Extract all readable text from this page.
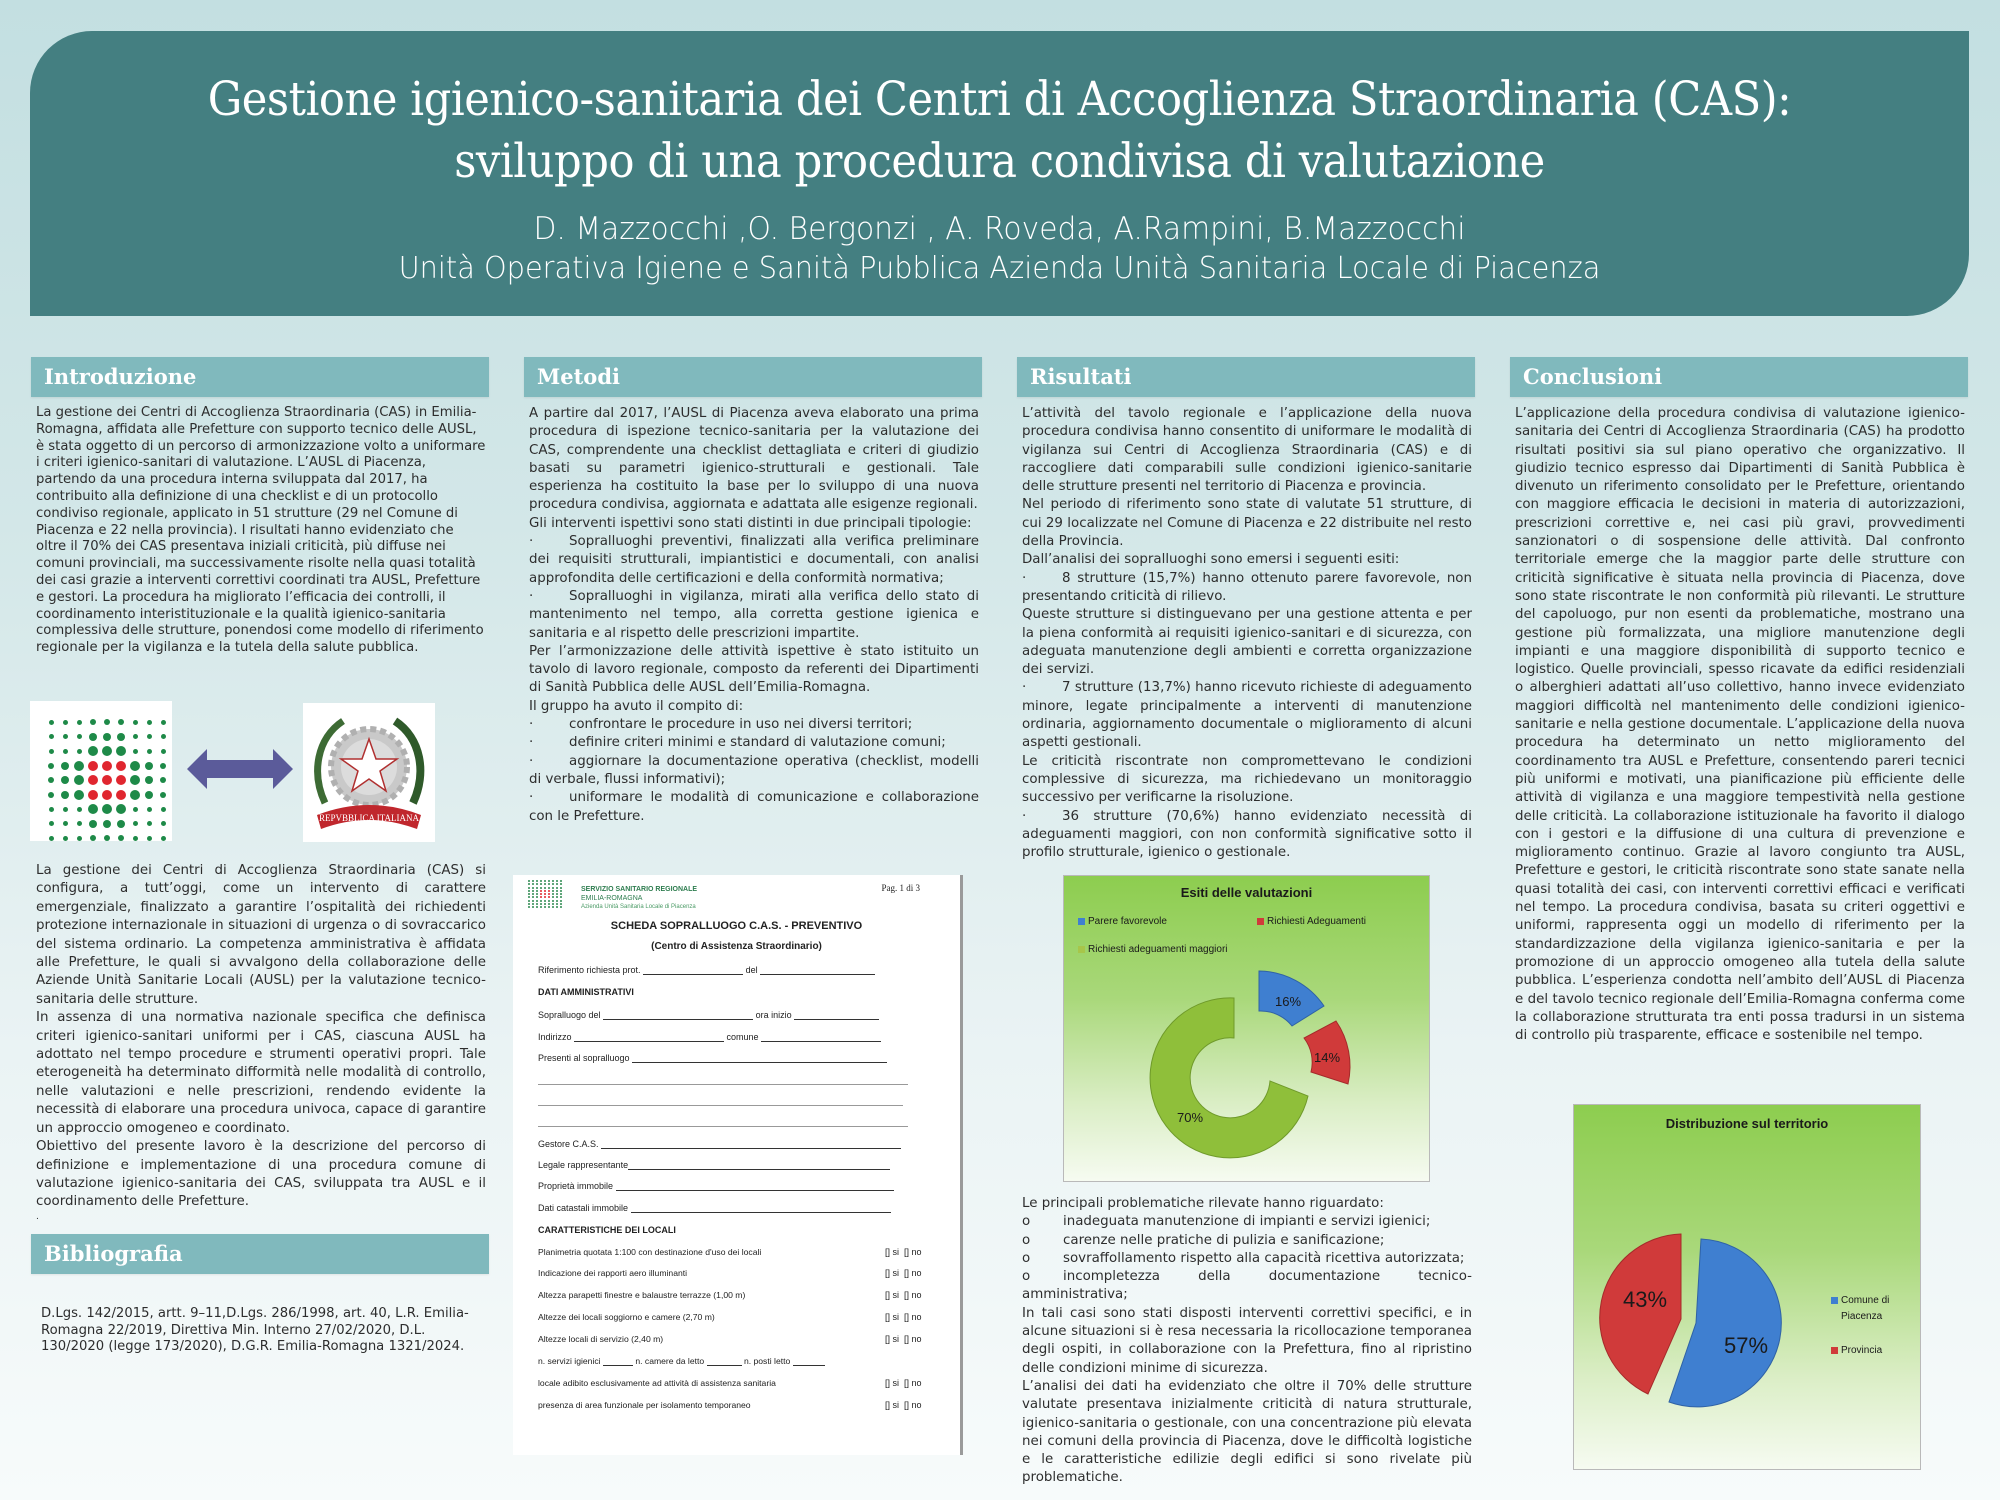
Gestione igienico-sanitaria dei Centri di Accoglienza Straordinaria (CAS):
sviluppo di una procedura condivisa di valutazione
D. Mazzocchi ,O. Bergonzi , A. Roveda, A.Rampini, B.Mazzocchi
Unità Operativa Igiene e Sanità Pubblica Azienda Unità Sanitaria Locale di Piacenza
Introduzione
La gestione dei Centri di Accoglienza Straordinaria (CAS) in Emilia-Romagna, affidata alle Prefetture con supporto tecnico delle AUSL, è stata oggetto di un percorso di armonizzazione volto a uniformare i criteri igienico-sanitari di valutazione. L’AUSL di Piacenza, partendo da una procedura interna sviluppata dal 2017, ha contribuito alla definizione di una checklist e di un protocollo condiviso regionale, applicato in 51 strutture (29 nel Comune di Piacenza e 22 nella provincia). I risultati hanno evidenziato che oltre il 70% dei CAS presentava iniziali criticità, più diffuse nei comuni provinciali, ma successivamente risolte nella quasi totalità dei casi grazie a interventi correttivi coordinati tra AUSL, Prefetture e gestori. La procedura ha migliorato l’efficacia dei controlli, il coordinamento interistituzionale e la qualità igienico-sanitaria complessiva delle strutture, ponendosi come modello di riferimento regionale per la vigilanza e la tutela della salute pubblica.
REPVBBLICA ITALIANA

La gestione dei Centri di Accoglienza Straordinaria (CAS) si configura, a tutt’oggi, come un intervento di carattere emergenziale, finalizzato a garantire l’ospitalità dei richiedenti protezione internazionale in situazioni di urgenza o di sovraccarico del sistema ordinario. La competenza amministrativa è affidata alle Prefetture, le quali si avvalgono della collaborazione delle Aziende Unità Sanitarie Locali (AUSL) per la valutazione tecnico-sanitaria delle strutture.

In assenza di una normativa nazionale specifica che definisca criteri igienico-sanitari uniformi per i CAS, ciascuna AUSL ha adottato nel tempo procedure e strumenti operativi propri. Tale eterogeneità ha determinato difformità nelle modalità di controllo, nelle valutazioni e nelle prescrizioni, rendendo evidente la necessità di elaborare una procedura univoca, capace di garantire un approccio omogeneo e coordinato.

Obiettivo del presente lavoro è la descrizione del percorso di definizione e implementazione di una procedura comune di valutazione igienico-sanitaria dei CAS, sviluppata tra AUSL e il coordinamento delle Prefetture.

.

Bibliografia
D.Lgs. 142/2015, artt. 9–11,D.Lgs. 286/1998, art. 40, L.R. Emilia-Romagna 22/2019, Direttiva Min. Interno 27/02/2020, D.L. 130/2020 (legge 173/2020), D.G.R. Emilia-Romagna 1321/2024.
Metodi

A partire dal 2017, l’AUSL di Piacenza aveva elaborato una prima procedura di ispezione tecnico-sanitaria per la valutazione dei CAS, comprendente una checklist dettagliata e criteri di giudizio basati su parametri igienico-strutturali e gestionali. Tale esperienza ha costituito la base per lo sviluppo di una nuova procedura condivisa, aggiornata e adattata alle esigenze regionali.

Gli interventi ispettivi sono stati distinti in due principali tipologie:

·	Sopralluoghi preventivi, finalizzati alla verifica preliminare dei requisiti strutturali, impiantistici e documentali, con analisi approfondita delle certificazioni e della conformità normativa;

·	Sopralluoghi in vigilanza, mirati alla verifica dello stato di mantenimento nel tempo, alla corretta gestione igienica e sanitaria e al rispetto delle prescrizioni impartite.

Per l’armonizzazione delle attività ispettive è stato istituito un tavolo di lavoro regionale, composto da referenti dei Dipartimenti di Sanità Pubblica delle AUSL dell’Emilia-Romagna.

Il gruppo ha avuto il compito di:

·	confrontare le procedure in uso nei diversi territori;

·	definire criteri minimi e standard di valutazione comuni;

·	aggiornare la documentazione operativa (checklist, modelli di verbale, flussi informativi);

·	uniformare le modalità di comunicazione e collaborazione con le Prefetture.

SERVIZIO SANITARIO REGIONALE
EMILIA-ROMAGNA
Azienda Unità Sanitaria Locale di Piacenza
Pag. 1 di 3
SCHEDA SOPRALLUOGO C.A.S. - PREVENTIVO
(Centro di Assistenza Straordinario)
Riferimento richiesta prot.	del
DATI AMMINISTRATIVI
Sopralluogo del	ora inizio
Indirizzo	comune
Presenti al sopralluogo
Gestore C.A.S.
Legale rappresentante
Proprietà immobile
Dati catastali immobile
CARATTERISTICHE DEI LOCALI
Planimetria quotata 1:100 con destinazione d'uso dei locali	[] si [] no
Indicazione dei rapporti aero illuminanti	[] si [] no
Altezza parapetti finestre e balaustre terrazze (1,00 m)	[] si [] no
Altezze dei locali soggiorno e camere (2,70 m)	[] si [] no
Altezze locali di servizio (2,40 m)	[] si [] no
n. servizi igienici	n. camere da letto	n. posti letto
locale adibito esclusivamente ad attività di assistenza sanitaria	[] si [] no
presenza di area funzionale per isolamento temporaneo	[] si [] no
Risultati

L’attività del tavolo regionale e l’applicazione della nuova procedura condivisa hanno consentito di uniformare le modalità di vigilanza sui Centri di Accoglienza Straordinaria (CAS) e di raccogliere dati comparabili sulle condizioni igienico-sanitarie delle strutture presenti nel territorio di Piacenza e provincia.

Nel periodo di riferimento sono state di valutate 51 strutture, di cui 29 localizzate nel Comune di Piacenza e 22 distribuite nel resto della Provincia.

Dall’analisi dei sopralluoghi sono emersi i seguenti esiti:

·	8 strutture (15,7%) hanno ottenuto parere favorevole, non presentando criticità di rilievo.

Queste strutture si distinguevano per una gestione attenta e per la piena conformità ai requisiti igienico-sanitari e di sicurezza, con adeguata manutenzione degli ambienti e corretta organizzazione dei servizi.

·	7 strutture (13,7%) hanno ricevuto richieste di adeguamento minore, legate principalmente a interventi di manutenzione ordinaria, aggiornamento documentale o miglioramento di alcuni aspetti gestionali.

Le criticità riscontrate non compromettevano le condizioni complessive di sicurezza, ma richiedevano un monitoraggio successivo per verificarne la risoluzione.

·	36 strutture (70,6%) hanno evidenziato necessità di adeguamenti maggiori, con non conformità significative sotto il profilo strutturale, igienico o gestionale.

Esiti delle valutazioni
Parere favorevole	Richiesti Adeguamenti
Richiesti adeguamenti maggiori
16%
14%
70%

Le principali problematiche rilevate hanno riguardato:

o inadeguata manutenzione di impianti e servizi igienici;

o carenze nelle pratiche di pulizia e sanificazione;

o sovraffollamento rispetto alla capacità ricettiva autorizzata;

o incompletezza della documentazione tecnico-amministrativa;

In tali casi sono stati disposti interventi correttivi specifici, e in alcune situazioni si è resa necessaria la ricollocazione temporanea degli ospiti, in collaborazione con la Prefettura, fino al ripristino delle condizioni minime di sicurezza.

L’analisi dei dati ha evidenziato che oltre il 70% delle strutture valutate presentava inizialmente criticità di natura strutturale, igienico-sanitaria o gestionale, con una concentrazione più elevata nei comuni della provincia di Piacenza, dove le difficoltà logistiche e le caratteristiche edilizie degli edifici si sono rivelate più problematiche.

Conclusioni
L’applicazione della procedura condivisa di valutazione igienico-sanitaria dei Centri di Accoglienza Straordinaria (CAS) ha prodotto risultati positivi sia sul piano operativo che organizzativo. Il giudizio tecnico espresso dai Dipartimenti di Sanità Pubblica è divenuto un riferimento consolidato per le Prefetture, orientando con maggiore efficacia le decisioni in materia di autorizzazioni, prescrizioni correttive e, nei casi più gravi, provvedimenti sanzionatori o di sospensione delle attività. Dal confronto territoriale emerge che la maggior parte delle strutture con criticità significative è situata nella provincia di Piacenza, dove sono state riscontrate le non conformità più rilevanti. Le strutture del capoluogo, pur non esenti da problematiche, mostrano una gestione più formalizzata, una migliore manutenzione degli impianti e una maggiore disponibilità di supporto tecnico e logistico. Quelle provinciali, spesso ricavate da edifici residenziali o alberghieri adattati all’uso collettivo, hanno invece evidenziato maggiori difficoltà nel mantenimento delle condizioni igienico-sanitarie e nella gestione documentale. L’applicazione della nuova procedura ha determinato un netto miglioramento del coordinamento tra AUSL e Prefetture, consentendo pareri tecnici più uniformi e motivati, una pianificazione più efficiente delle attività di vigilanza e una maggiore tempestività nella gestione delle criticità. La collaborazione istituzionale ha favorito il dialogo con i gestori e la diffusione di una cultura di prevenzione e miglioramento continuo. Grazie al lavoro congiunto tra AUSL, Prefetture e gestori, le criticità riscontrate sono state sanate nella quasi totalità dei casi, con interventi correttivi efficaci e verificati nel tempo. La procedura condivisa, basata su criteri oggettivi e uniformi, rappresenta oggi un modello di riferimento per la standardizzazione della vigilanza igienico-sanitaria e per la promozione di un approccio omogeneo alla tutela della salute pubblica. L’esperienza condotta nell’ambito dell’AUSL di Piacenza e del tavolo tecnico regionale dell’Emilia-Romagna conferma come la collaborazione strutturata tra enti possa tradursi in un sistema di controllo più trasparente, efficace e sostenibile nel tempo.
Distribuzione sul territorio
57%
43%	Comune di
Piacenza
Provincia
